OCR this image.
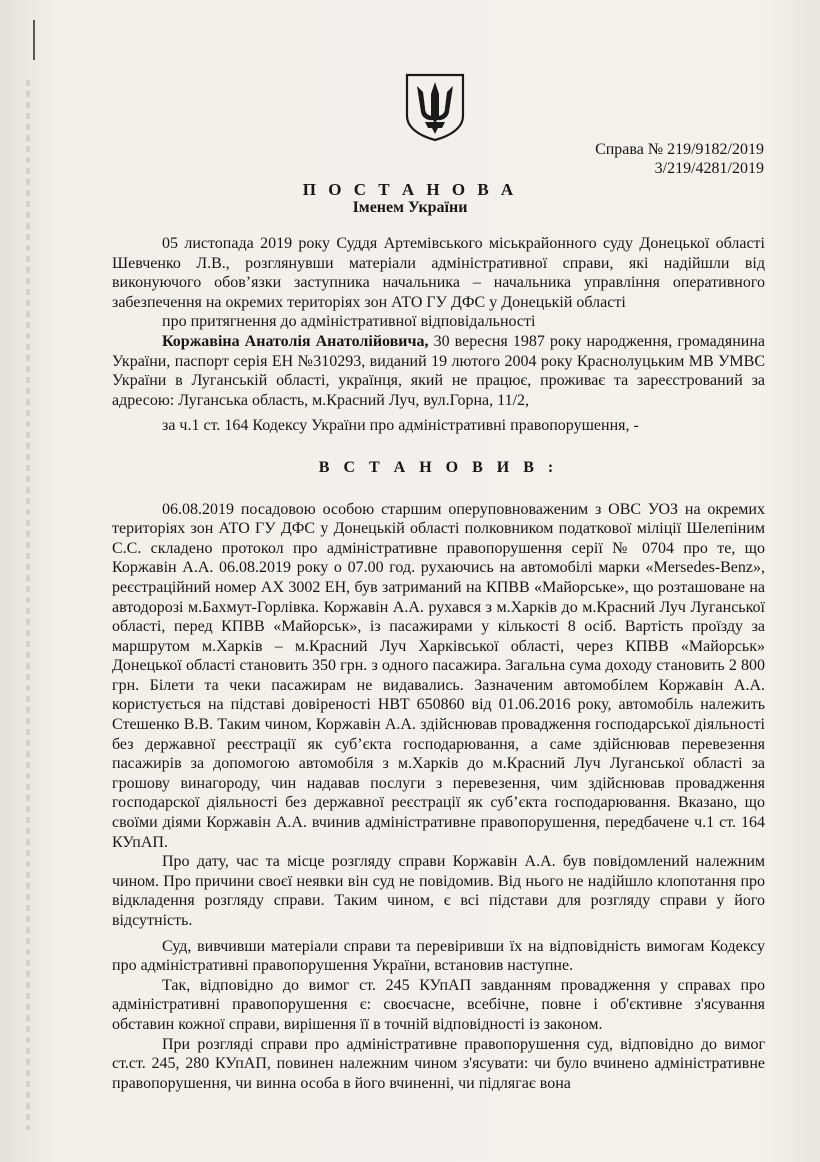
Справа № 219/9182/2019
3/219/4281/2019
П О С Т А Н О В А
Іменем України

05 листопада 2019 року Суддя Артемівського міськрайонного суду Донецької області Шевченко Л.В., розглянувши матеріали адміністративної справи, які надійшли від виконуючого обов’язки заступника начальника – начальника управління оперативного забезпечення на окремих територіях зон АТО ГУ ДФС у Донецькій області

про притягнення до адміністративної відповідальності

Коржавіна Анатолія Анатолійовича, 30 вересня 1987 року народження, громадянина України, паспорт серія ЕН №310293, виданий 19 лютого 2004 року Краснолуцьким МВ УМВС України в Луганській області, українця, який не працює, проживає та зареєстрований за адресою: Луганська область, м.Красний Луч, вул.Горна, 11/2,

за ч.1 ст. 164 Кодексу України про адміністративні правопорушення, -

В С Т А Н О В И В :

06.08.2019 посадовою особою старшим оперуповноваженим з ОВС УОЗ на окремих територіях зон АТО ГУ ДФС у Донецькій області полковником податкової міліції Шелепіним С.С. складено протокол про адміністративне правопорушення серії № 0704 про те, що Коржавін А.А. 06.08.2019 року о 07.00 год. рухаючись на автомобілі марки «Mersedes-Benz», реєстраційний номер АХ 3002 ЕН, був затриманий на КПВВ «Майорське», що розташоване на автодорозі м.Бахмут-Горлівка. Коржавін А.А. рухався з м.Харків до м.Красний Луч Луганської області, перед КПВВ «Майорськ», із пасажирами у кількості 8 осіб. Вартість проїзду за маршрутом м.Харків – м.Красний Луч Харківської області, через КПВВ «Майорськ» Донецької області становить 350 грн. з одного пасажира. Загальна сума доходу становить 2 800 грн. Білети та чеки пасажирам не видавались. Зазначеним автомобілем Коржавін А.А. користується на підставі довіреності НВТ 650860 від 01.06.2016 року, автомобіль належить Стешенко В.В. Таким чином, Коржавін А.А. здійснював провадження господарської діяльності без державної реєстрації як суб’єкта господарювання, а саме здійснював перевезення пасажирів за допомогою автомобіля з м.Харків до м.Красний Луч Луганської області за грошову винагороду, чин надавав послуги з перевезення, чим здійснював провадження господарскої діяльності без державної реєстрації як суб’єкта господарювання. Вказано, що своїми діями Коржавін А.А. вчинив адміністративне правопорушення, передбачене ч.1 ст. 164 КУпАП.

Про дату, час та місце розгляду справи Коржавін А.А. був повідомлений належним чином. Про причини своєї неявки він суд не повідомив. Від нього не надійшло клопотання про відкладення розгляду справи. Таким чином, є всі підстави для розгляду справи у його відсутність.

Суд, вивчивши матеріали справи та перевіривши їх на відповідність вимогам Кодексу про адміністративні правопорушення України, встановив наступне.

Так, відповідно до вимог ст. 245 КУпАП завданням провадження у справах про адміністративні правопорушення є: своєчасне, всебічне, повне і об'єктивне з'ясування обставин кожної справи, вирішення її в точній відповідності із законом.

При розгляді справи про адміністративне правопорушення суд, відповідно до вимог ст.ст. 245, 280 КУпАП, повинен належним чином з'ясувати: чи було вчинено адміністративне правопорушення, чи винна особа в його вчиненні, чи підлягає вона
